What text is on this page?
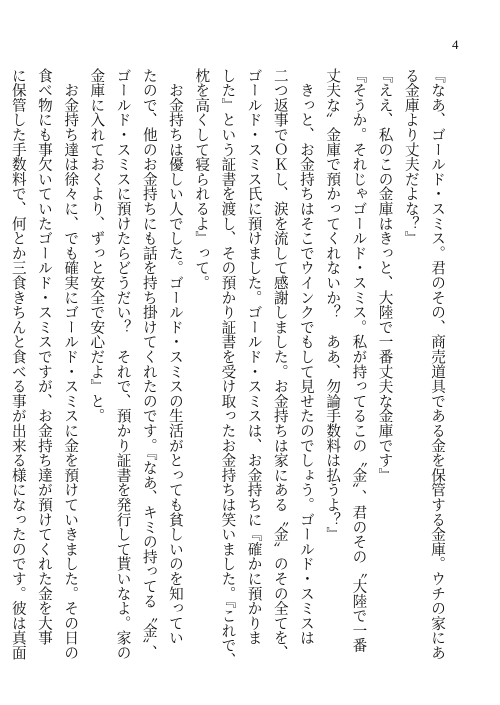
4
『なあ、ゴールド・スミス。君のその、商売道具である金を保管する金庫。ウチの家にあ
る金庫より丈夫だよな？』
『ええ、私のこの金庫はきっと、大陸で一番丈夫な金庫です』
『そうか。それじゃゴールド・スミス。私が持ってるこの〝金〟、君のその〝大陸で一番
丈夫な〟金庫で預かってくれないか？　ああ、勿論手数料は払うよ？』
　きっと、お金持ちはそこでウインクでもして見せたのでしょう。ゴールド・スミスは
二つ返事でＯＫし、涙を流して感謝しました。お金持ちは家にある〝金〟のその全てを、
ゴールド・スミス氏に預けました。ゴールド・スミスは、お金持ちに『確かに預かりま
した』という証書を渡し、その預かり証書を受け取ったお金持ちは笑いました。『これで、
枕を高くして寝られるよ』って。
　お金持ちは優しい人でした。ゴールド・スミスの生活がとっても貧しいのを知ってい
たので、他のお金持ちにも話を持ち掛けてくれたのです。『なあ、キミの持ってる〝金〟、
ゴールド・スミスに預けたらどうだい？　それで、預かり証書を発行して貰いなよ。家の
金庫に入れておくより、ずっと安全で安心だよ』と。
　お金持ち達は徐々に、でも確実にゴールド・スミスに金を預けていきました。その日の
食べ物にも事欠いていたゴールド・スミスですが、お金持ち達が預けてくれた金を大事
に保管した手数料で、何とか三食きちんと食べる事が出来る様になったのです。彼は真面
